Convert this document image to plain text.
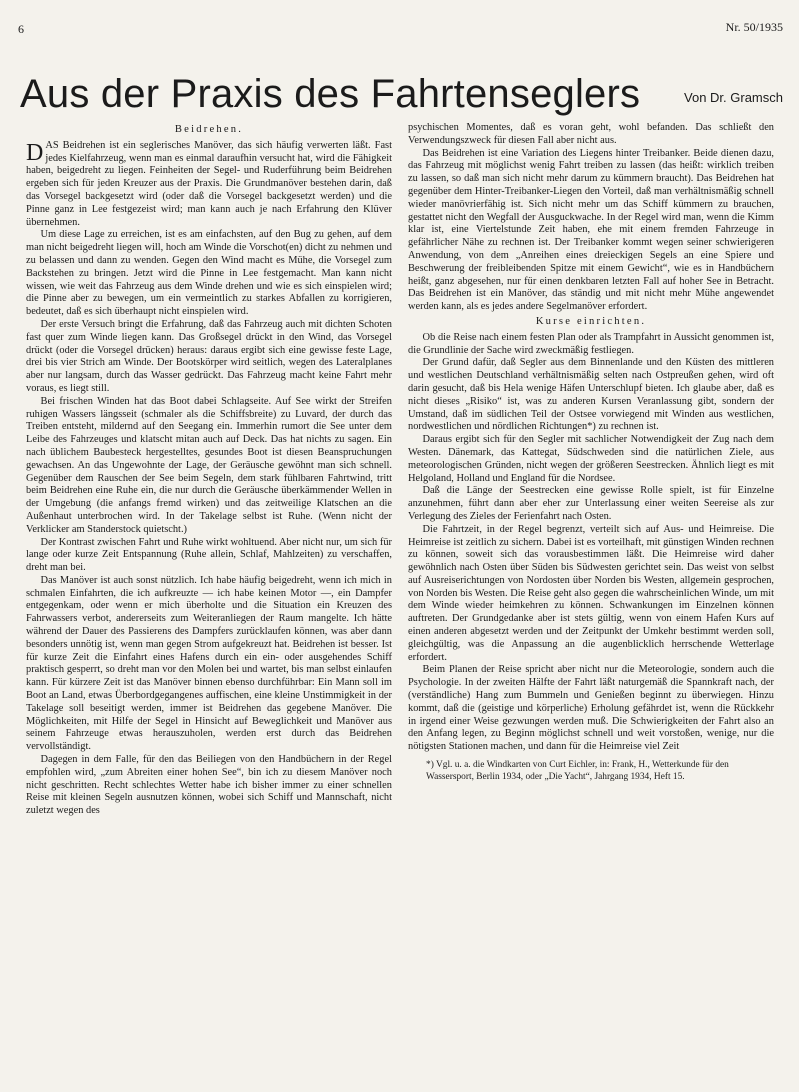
6	Nr. 50/1935
Aus der Praxis des Fahrtenseglers	Von Dr. Gramsch
Beidrehen.

DAS Beidrehen ist ein seglerisches Manöver, das sich häufig verwerten läßt. Fast jedes Kielfahrzeug, wenn man es einmal daraufhin versucht hat, wird die Fähigkeit haben, beigedreht zu liegen. Feinheiten der Segel- und Ruderführung beim Beidrehen ergeben sich für jeden Kreuzer aus der Praxis. Die Grundmanöver bestehen darin, daß das Vorsegel backgesetzt wird (oder daß die Vorsegel backgesetzt werden) und die Pinne ganz in Lee festgezeist wird; man kann auch je nach Erfahrung den Klüver übernehmen.

Um diese Lage zu erreichen, ist es am einfachsten, auf den Bug zu gehen, auf dem man nicht beigedreht liegen will, hoch am Winde die Vorschot(en) dicht zu nehmen und zu belassen und dann zu wenden. Gegen den Wind macht es Mühe, die Vorsegel zum Backstehen zu bringen. Jetzt wird die Pinne in Lee festgemacht. Man kann nicht wissen, wie weit das Fahrzeug aus dem Winde drehen und wie es sich einspielen wird; die Pinne aber zu bewegen, um ein vermeintlich zu starkes Abfallen zu korrigieren, bedeutet, daß es sich überhaupt nicht einspielen wird.

Der erste Versuch bringt die Erfahrung, daß das Fahrzeug auch mit dichten Schoten fast quer zum Winde liegen kann. Das Großsegel drückt in den Wind, das Vorsegel drückt (oder die Vorsegel drücken) heraus: daraus ergibt sich eine gewisse feste Lage, drei bis vier Strich am Winde. Der Bootskörper wird seitlich, wegen des Lateralplanes aber nur langsam, durch das Wasser gedrückt. Das Fahrzeug macht keine Fahrt mehr voraus, es liegt still.

Bei frischen Winden hat das Boot dabei Schlagseite. Auf See wirkt der Streifen ruhigen Wassers längsseit (schmaler als die Schiffsbreite) zu Luvard, der durch das Treiben entsteht, mildernd auf den Seegang ein. Immerhin rumort die See unter dem Leibe des Fahrzeuges und klatscht mitan auch auf Deck. Das hat nichts zu sagen. Ein nach üblichem Baubesteck hergestelltes, gesundes Boot ist diesen Beanspruchungen gewachsen. An das Ungewohnte der Lage, der Geräusche gewöhnt man sich schnell. Gegenüber dem Rauschen der See beim Segeln, dem stark fühlbaren Fahrtwind, tritt beim Beidrehen eine Ruhe ein, die nur durch die Geräusche überkämmender Wellen in der Umgebung (die anfangs fremd wirken) und das zeitweilige Klatschen an die Außenhaut unterbrochen wird. In der Takelage selbst ist Ruhe. (Wenn nicht der Verklicker am Standerstock quietscht.)

Der Kontrast zwischen Fahrt und Ruhe wirkt wohltuend. Aber nicht nur, um sich für lange oder kurze Zeit Entspannung (Ruhe allein, Schlaf, Mahlzeiten) zu verschaffen, dreht man bei.

Das Manöver ist auch sonst nützlich. Ich habe häufig beigedreht, wenn ich mich in schmalen Einfahrten, die ich aufkreuzte — ich habe keinen Motor —, ein Dampfer entgegenkam, oder wenn er mich überholte und die Situation ein Kreuzen des Fahrwassers verbot, andererseits zum Weiteranliegen der Raum mangelte. Ich hätte während der Dauer des Passierens des Dampfers zurücklaufen können, was aber dann besonders unnötig ist, wenn man gegen Strom aufgekreuzt hat. Beidrehen ist besser. Ist für kurze Zeit die Einfahrt eines Hafens durch ein ein- oder ausgehendes Schiff praktisch gesperrt, so dreht man vor den Molen bei und wartet, bis man selbst einlaufen kann. Für kürzere Zeit ist das Manöver binnen ebenso durchführbar: Ein Mann soll im Boot an Land, etwas Überbordgegangenes auffischen, eine kleine Unstimmigkeit in der Takelage soll beseitigt werden, immer ist Beidrehen das gegebene Manöver. Die Möglichkeiten, mit Hilfe der Segel in Hinsicht auf Beweglichkeit und Manöver aus seinem Fahrzeuge etwas herauszuholen, werden erst durch das Beidrehen vervollständigt.

Dagegen in dem Falle, für den das Beiliegen von den Handbüchern in der Regel empfohlen wird, „zum Abreiten einer hohen See“, bin ich zu diesem Manöver noch nicht geschritten. Recht schlechtes Wetter habe ich bisher immer zu einer schnellen Reise mit kleinen Segeln ausnutzen können, wobei sich Schiff und Mannschaft, nicht zuletzt wegen des

psychischen Momentes, daß es voran geht, wohl befanden. Das schließt den Verwendungszweck für diesen Fall aber nicht aus.

Das Beidrehen ist eine Variation des Liegens hinter Treibanker. Beide dienen dazu, das Fahrzeug mit möglichst wenig Fahrt treiben zu lassen (das heißt: wirklich treiben zu lassen, so daß man sich nicht mehr darum zu kümmern braucht). Das Beidrehen hat gegenüber dem Hinter-Treibanker-Liegen den Vorteil, daß man verhältnismäßig schnell wieder manövrierfähig ist. Sich nicht mehr um das Schiff kümmern zu brauchen, gestattet nicht den Wegfall der Ausguckwache. In der Regel wird man, wenn die Kimm klar ist, eine Viertelstunde Zeit haben, ehe mit einem fremden Fahrzeuge in gefährlicher Nähe zu rechnen ist. Der Treibanker kommt wegen seiner schwierigeren Anwendung, von dem „Anreihen eines dreieckigen Segels an eine Spiere und Beschwerung der freibleibenden Spitze mit einem Gewicht“, wie es in Handbüchern heißt, ganz abgesehen, nur für einen denkbaren letzten Fall auf hoher See in Betracht. Das Beidrehen ist ein Manöver, das ständig und mit nicht mehr Mühe angewendet werden kann, als es jedes andere Segelmanöver erfordert.

Kurse einrichten.

Ob die Reise nach einem festen Plan oder als Trampfahrt in Aussicht genommen ist, die Grundlinie der Sache wird zweckmäßig festliegen.

Der Grund dafür, daß Segler aus dem Binnenlande und den Küsten des mittleren und westlichen Deutschland verhältnismäßig selten nach Ostpreußen gehen, wird oft darin gesucht, daß bis Hela wenige Häfen Unterschlupf bieten. Ich glaube aber, daß es nicht dieses „Risiko“ ist, was zu anderen Kursen Veranlassung gibt, sondern der Umstand, daß im südlichen Teil der Ostsee vorwiegend mit Winden aus westlichen, nordwestlichen und nördlichen Richtungen*) zu rechnen ist.

Daraus ergibt sich für den Segler mit sachlicher Notwendigkeit der Zug nach dem Westen. Dänemark, das Kattegat, Südschweden sind die natürlichen Ziele, aus meteorologischen Gründen, nicht wegen der größeren Seestrecken. Ähnlich liegt es mit Helgoland, Holland und England für die Nordsee.

Daß die Länge der Seestrecken eine gewisse Rolle spielt, ist für Einzelne anzunehmen, führt dann aber eher zur Unterlassung einer weiten Seereise als zur Verlegung des Zieles der Ferienfahrt nach Osten.

Die Fahrtzeit, in der Regel begrenzt, verteilt sich auf Aus- und Heimreise. Die Heimreise ist zeitlich zu sichern. Dabei ist es vorteilhaft, mit günstigen Winden rechnen zu können, soweit sich das vorausbestimmen läßt. Die Heimreise wird daher gewöhnlich nach Osten über Süden bis Südwesten gerichtet sein. Das weist von selbst auf Ausreiserichtungen von Nordosten über Norden bis Westen, allgemein gesprochen, von Norden bis Westen. Die Reise geht also gegen die wahrscheinlichen Winde, um mit dem Winde wieder heimkehren zu können. Schwankungen im Einzelnen können auftreten. Der Grundgedanke aber ist stets gültig, wenn von einem Hafen Kurs auf einen anderen abgesetzt werden und der Zeitpunkt der Umkehr bestimmt werden soll, gleichgültig, was die Anpassung an die augenblicklich herrschende Wetterlage erfordert.

Beim Planen der Reise spricht aber nicht nur die Meteorologie, sondern auch die Psychologie. In der zweiten Hälfte der Fahrt läßt naturgemäß die Spannkraft nach, der (verständliche) Hang zum Bummeln und Genießen beginnt zu überwiegen. Hinzu kommt, daß die (geistige und körperliche) Erholung gefährdet ist, wenn die Rückkehr in irgend einer Weise gezwungen werden muß. Die Schwierigkeiten der Fahrt also an den Anfang legen, zu Beginn möglichst schnell und weit vorstoßen, wenige, nur die nötigsten Stationen machen, und dann für die Heimreise viel Zeit

*) Vgl. u. a. die Windkarten von Curt Eichler, in: Frank, H., Wetterkunde für den Wassersport, Berlin 1934, oder „Die Yacht“, Jahrgang 1934, Heft 15.
